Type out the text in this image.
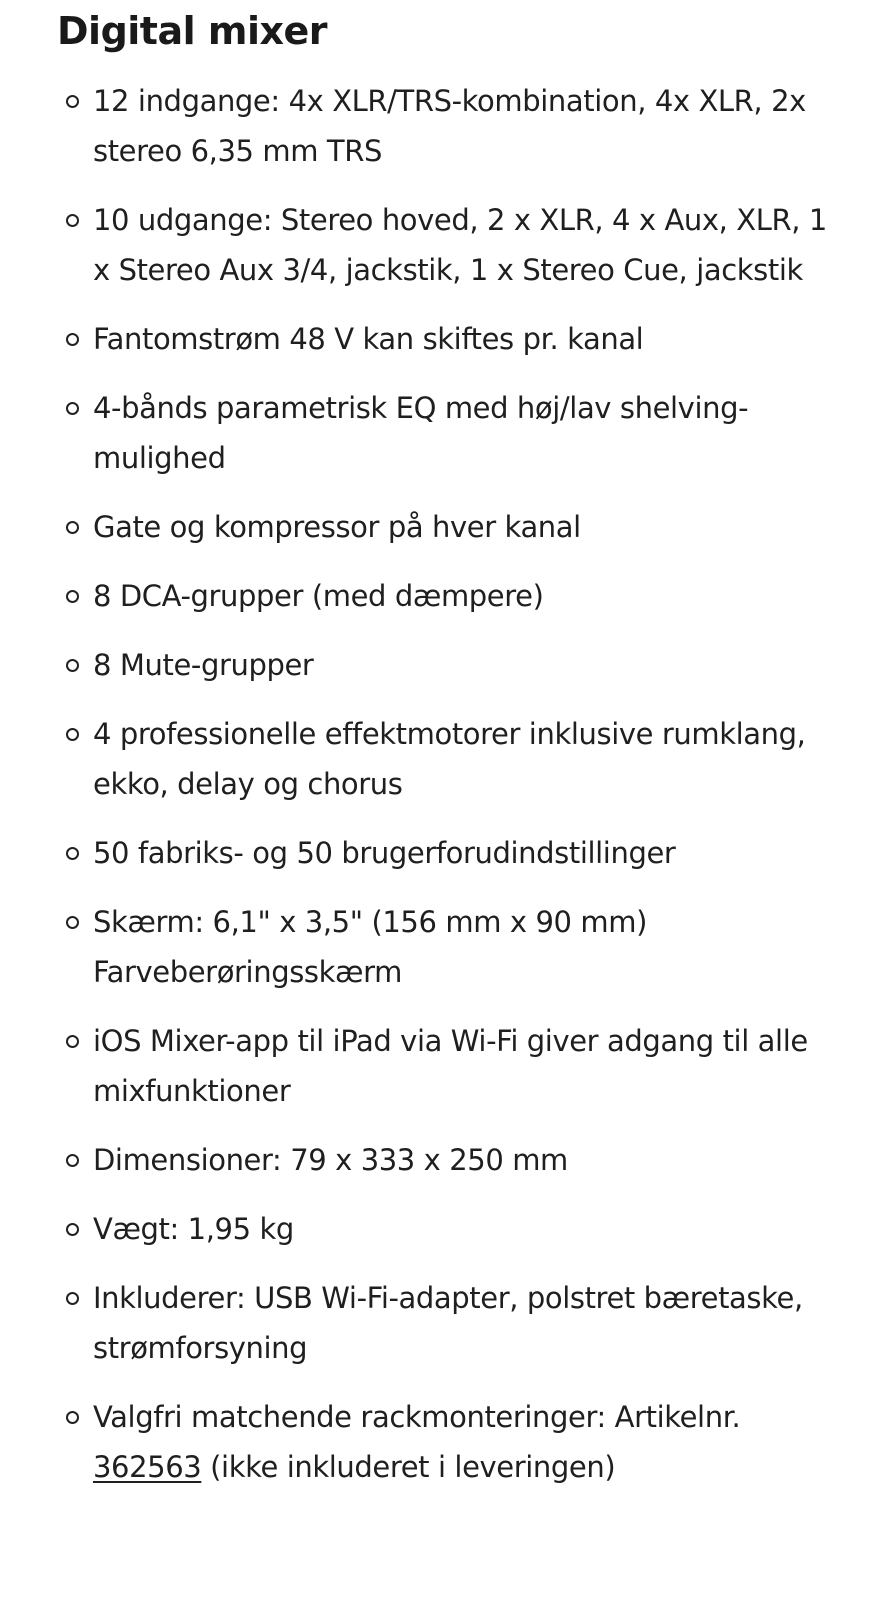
Digital mixer
12 indgange: 4x XLR/TRS-kombination, 4x XLR, 2x stereo 6,35 mm TRS
10 udgange: Stereo hoved, 2 x XLR, 4 x Aux, XLR, 1 x Stereo Aux 3/4, jackstik, 1 x Stereo Cue, jackstik
Fantomstrøm 48 V kan skiftes pr. kanal
4-bånds parametrisk EQ med høj/lav shelving-mulighed
Gate og kompressor på hver kanal
8 DCA-grupper (med dæmpere)
8 Mute-grupper
4 professionelle effektmotorer inklusive rumklang, ekko, delay og chorus
50 fabriks- og 50 brugerforudindstillinger
Skærm: 6,1" x 3,5" (156 mm x 90 mm) Farveberøringsskærm
iOS Mixer-app til iPad via Wi-Fi giver adgang til alle mixfunktioner
Dimensioner: 79 x 333 x 250 mm
Vægt: 1,95 kg
Inkluderer: USB Wi-Fi-adapter, polstret bæretaske, strømforsyning
Valgfri matchende rackmonteringer: Artikelnr. 362563 (ikke inkluderet i leveringen)
